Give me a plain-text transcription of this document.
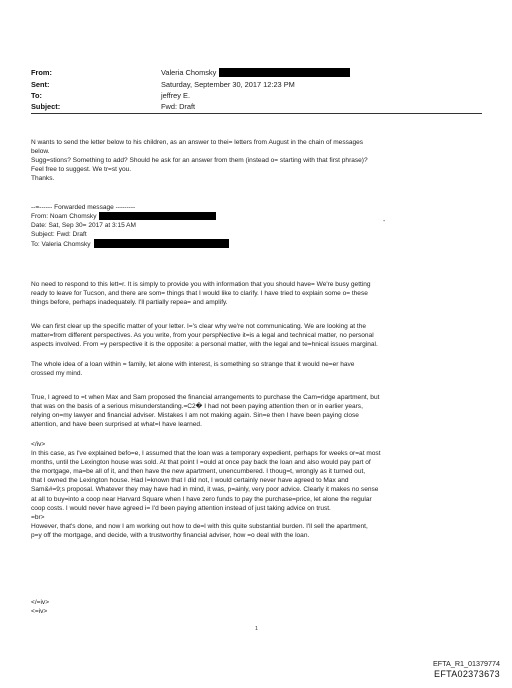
From:	Valeria Chomsky
Sent:	Saturday, September 30, 2017 12:23 PM
To:	jeffrey E.
Subject:	Fwd: Draft
N wants to send the letter below to his children, as an answer to thei= letters from August in the chain of messages
below.
Sugg=stions? Something to add? Should he ask for an answer from them (instead o= starting with that first phrase)?
Feel free to suggest. We tr=st you.
Thanks.
--=------ Forwarded message ---------
From: Noam Chomsky
Date: Sat, Sep 30= 2017 at 3:15 AM
Subject: Fwd: Draft
To: Valeria Chomsky
-
No need to respond to this lett=r. It is simply to provide you with information that you should have= We're busy getting
ready to leave for Tucson, and there are som= things that I would like to clarify. I have tried to explain some o= these
things before, perhaps inadequately. I'll partially repea= and amplify.
We can first clear up the specific matter of your letter. I='s clear why we're not communicating. We are looking at the
matter=from different perspectives. As you write, from your perspNective it=is a legal and technical matter, no personal
aspects involved. From =y perspective it is the opposite: a personal matter, with the legal and te=hnical issues marginal.
The whole idea of a loan within = family, let alone with interest, is something so strange that it would ne=er have
crossed my mind.
True, I agreed to =t when Max and Sam proposed the financial arrangements to purchase the Cam=ridge apartment, but
that was on the basis of a serious misunderstanding.=C2� I had not been paying attention then or in earlier years,
relying on=my lawyer and financial adviser. Mistakes I am not making again. Sin=e then I have been paying close
attention, and have been surprised at what=I have learned.
</iv>
In this case, as I've explained befo=e, I assumed that the loan was a temporary expedient, perhaps for weeks or=at most
months, until the Lexington house was sold. At that point I =ould at once pay back the loan and also would pay part of
the mortgage, ma=be all of it, and then have the new apartment, unencumbered. I thoug=t, wrongly as it turned out,
that I owned the Lexington house. Had I=known that I did not, I would certainly never have agreed to Max and
Sam&#=9;s proposal. Whatever they may have had in mind, it was, p=ainly, very poor advice. Clearly it makes no sense
at all to buy=into a coop near Harvard Square when I have zero funds to pay the purchase=price, let alone the regular
coop costs. I would never have agreed i= I'd been paying attention instead of just taking advice on trust.
=br>
However, that's done, and now I am working out how to de=l with this quite substantial burden. I'll sell the apartment,
p=y off the mortgage, and decide, with a trustworthy financial adviser, how =o deal with the loan.
</=iv>
<=iv>
1
EFTA_R1_01379774
EFTA02373673
